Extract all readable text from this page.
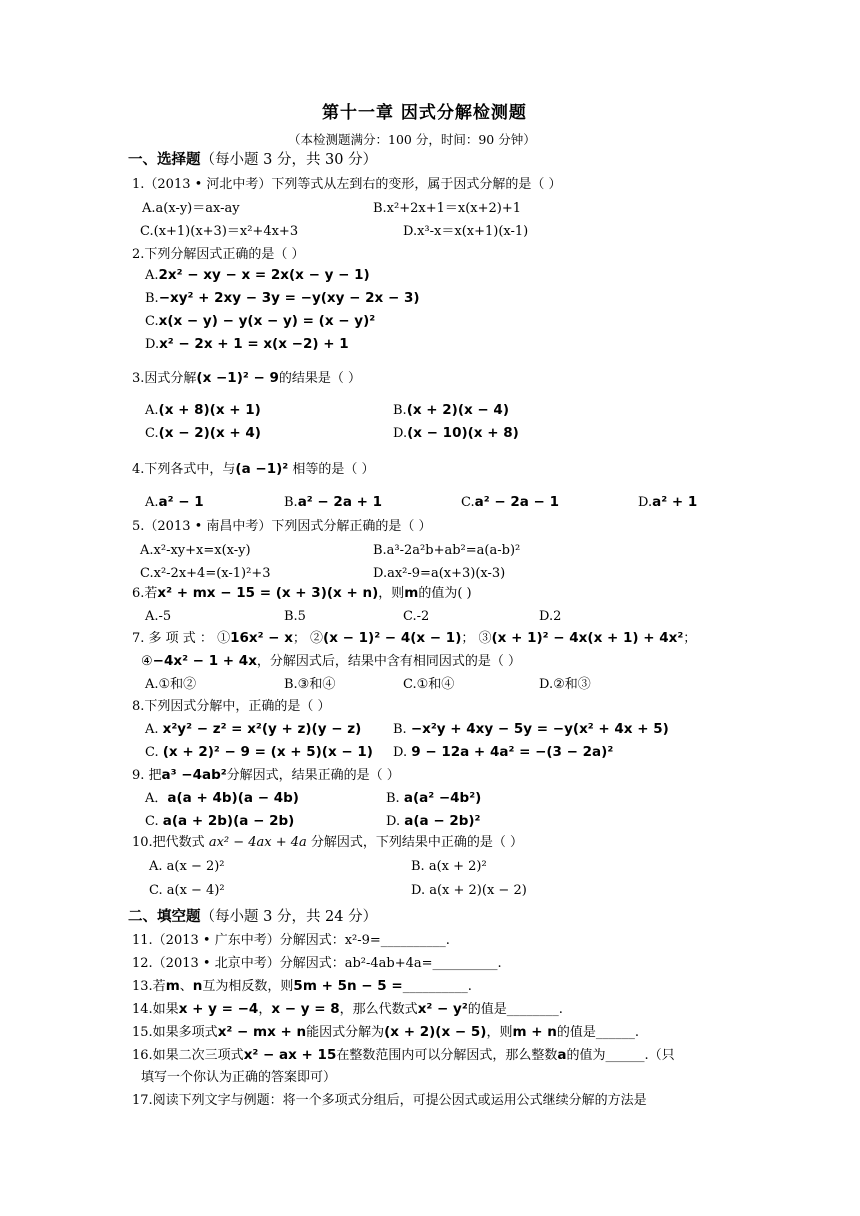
第十一章 因式分解检测题
（本检测题满分：100 分，时间：90 分钟）
一、选择题（每小题 3 分，共 30 分）
1.（2013 • 河北中考）下列等式从左到右的变形，属于因式分解的是（ ）
A.a(x-y)＝ax-ay	B.x²+2x+1＝x(x+2)+1
C.(x+1)(x+3)＝x²+4x+3	D.x³-x＝x(x+1)(x-1)
2.下列分解因式正确的是（ ）
A.2x² − xy − x = 2x(x − y − 1)
B.−xy² + 2xy − 3y = −y(xy − 2x − 3)
C.x(x − y) − y(x − y) = (x − y)²
D.x² − 2x + 1 = x(x −2) + 1
3.因式分解(x −1)² − 9的结果是（ ）
A.(x + 8)(x + 1)	B.(x + 2)(x − 4)
C.(x − 2)(x + 4)	D.(x − 10)(x + 8)
4.下列各式中，与(a −1)² 相等的是（ ）
A.a² − 1	B.a² − 2a + 1	C.a² − 2a − 1	D.a² + 1
5.（2013 • 南昌中考）下列因式分解正确的是（ ）
A.x²-xy+x=x(x-y)	B.a³-2a²b+ab²=a(a-b)²
C.x²-2x+4=(x-1)²+3	D.ax²-9=a(x+3)(x-3)
6.若x² + mx − 15 = (x + 3)(x + n)，则m的值为( )
A.-5	B.5	C.-2	D.2
7. 多 项 式 ： ①16x² − x； ②(x − 1)² − 4(x − 1)； ③(x + 1)² − 4x(x + 1) + 4x²；
④−4x² − 1 + 4x，分解因式后，结果中含有相同因式的是（ ）
A.①和②	B.③和④	C.①和④	D.②和③
8.下列因式分解中，正确的是（ ）
A. x²y² − z² = x²(y + z)(y − z) B. −x²y + 4xy − 5y = −y(x² + 4x + 5)
C. (x + 2)² − 9 = (x + 5)(x − 1) D. 9 − 12a + 4a² = −(3 − 2a)²
9. 把a³ −4ab²分解因式，结果正确的是（ ）
A．a(a + 4b)(a − 4b)	B. a(a² −4b²)
C. a(a + 2b)(a − 2b)	D. a(a − 2b)²
10.把代数式 ax² − 4ax + 4a 分解因式，下列结果中正确的是（ ）
A. a(x − 2)²	B. a(x + 2)²
C. a(x − 4)²	D. a(x + 2)(x − 2)
二、填空题（每小题 3 分，共 24 分）
11.（2013 • 广东中考）分解因式：x²-9=__________.
12.（2013 • 北京中考）分解因式：ab²-4ab+4a=__________.
13.若m、n互为相反数，则5m + 5n − 5 =__________.
14.如果x + y = −4，x − y = 8，那么代数式x² − y²的值是________.
15.如果多项式x² − mx + n能因式分解为(x + 2)(x − 5)，则m + n的值是______.
16.如果二次三项式x² − ax + 15在整数范围内可以分解因式，那么整数a的值为______.（只
填写一个你认为正确的答案即可）
17.阅读下列文字与例题：将一个多项式分组后，可提公因式或运用公式继续分解的方法是
